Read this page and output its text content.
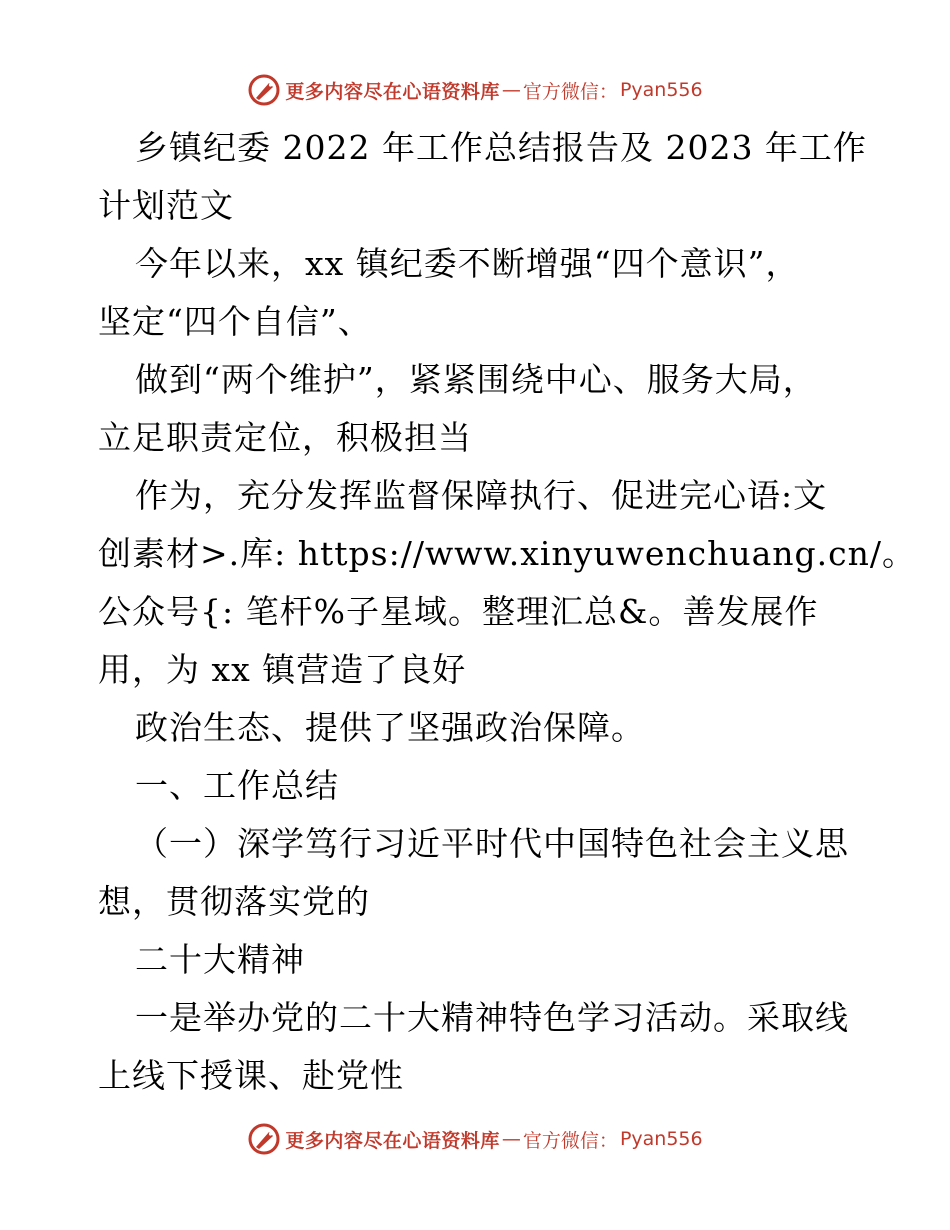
更多内容尽在心语资料库 — 官方微信： Pyan556
乡镇纪委 2022 年工作总结报告及 2023 年工作
计划范文
今年以来，xx 镇纪委不断增强“四个意识”，
坚定“四个自信”、
做到“两个维护”，紧紧围绕中心、服务大局，
立足职责定位，积极担当
作为，充分发挥监督保障执行、促进完心语:文
创素材>.库: https://www.xinyuwenchuang.cn/。
公众号{: 笔杆%子星域。整理汇总&。善发展作
用，为 xx 镇营造了良好
政治生态、提供了坚强政治保障。
一、工作总结
（一）深学笃行习近平时代中国特色社会主义思
想，贯彻落实党的
二十大精神
一是举办党的二十大精神特色学习活动。采取线
上线下授课、赴党性
更多内容尽在心语资料库 — 官方微信： Pyan556
